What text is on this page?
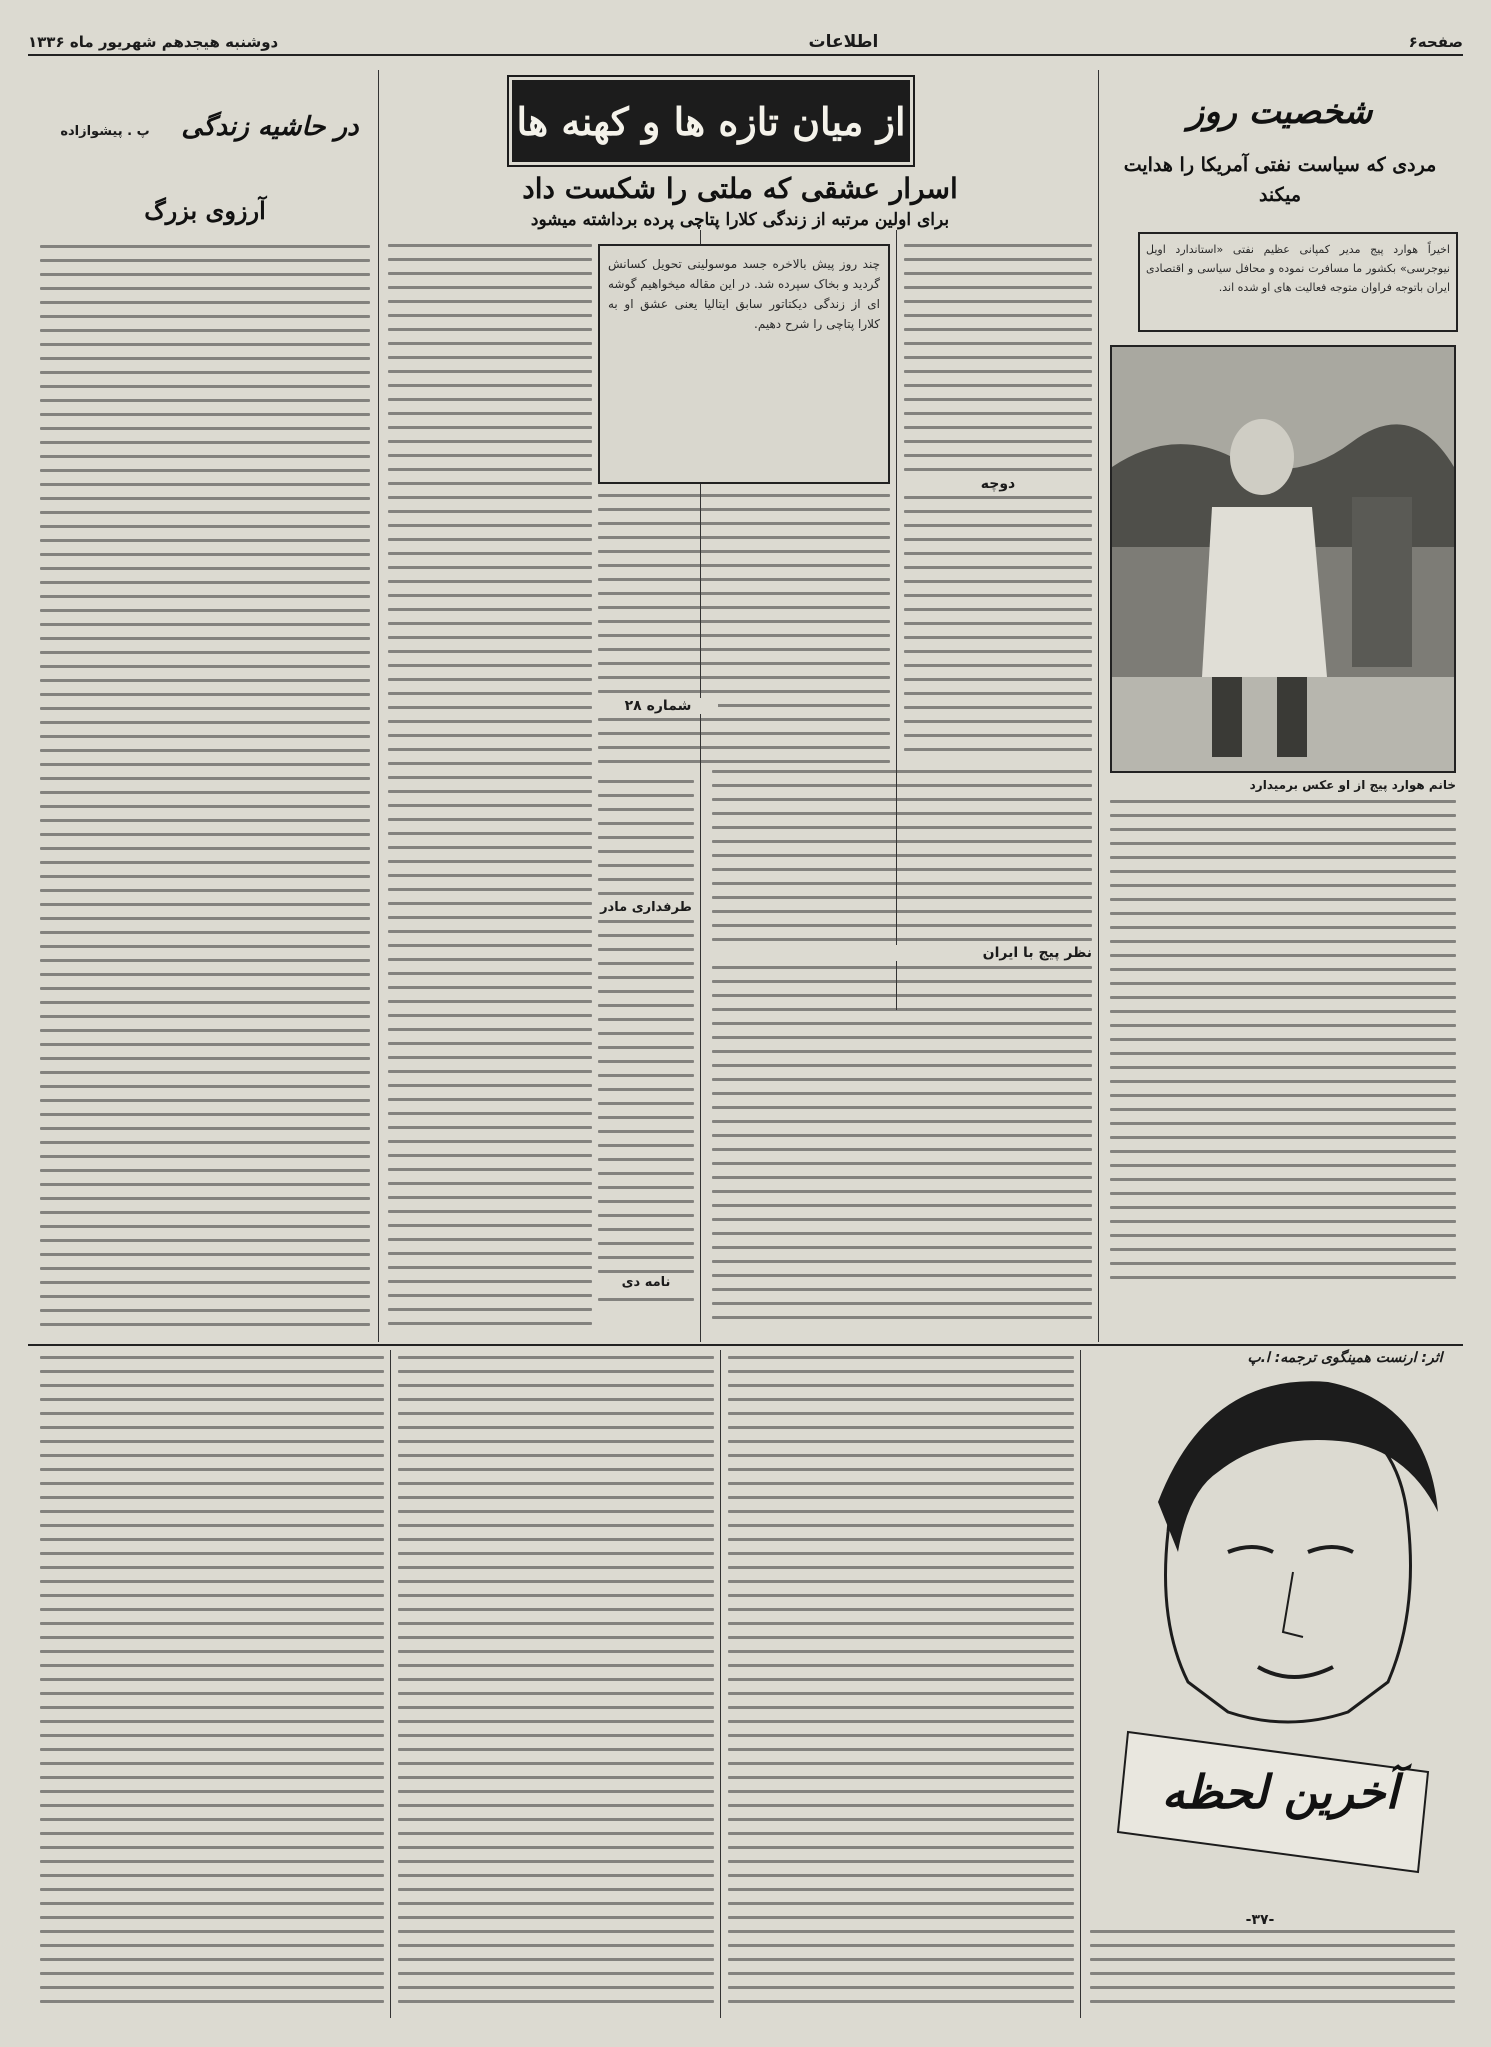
دوشنبه هیجدهم شهریور ماه ۱۳۳۶	اطلاعات	صفحه۶
شخصیت روز
مردی که سیاست نفتی آمریکا را هدایت میکند
اخیراً هوارد پیج مدیر کمپانی عظیم نفتی «استاندارد اویل نیوجرسی» بکشور ما مسافرت نموده و محافل سیاسی و اقتصادی ایران باتوجه فراوان متوجه فعالیت های او شده اند.
خانم هوارد پیج از او عکس برمیدارد
نظر پیج با ایران
از میان تازه ها و کهنه ها
اسرار عشقی که ملتی را شکست داد
برای اولین مرتبه از زندگی کلارا پتاچی پرده برداشته میشود
چند روز پیش بالاخره جسد موسولینی تحویل کسانش گردید و بخاک سپرده شد. در این مقاله میخواهیم گوشه ای از زندگی دیکتاتور سابق ایتالیا یعنی عشق او به کلارا پتاچی را شرح دهیم.
دوچه
شماره ۲۸
طرفداری مادر
نامه دی
در حاشیه زندگی
پ . پیشوازاده
آرزوی بزرگ
اثر: ارنست همینگوی ترجمه: ا.پ
آخرین لحظه
-۳۷-
